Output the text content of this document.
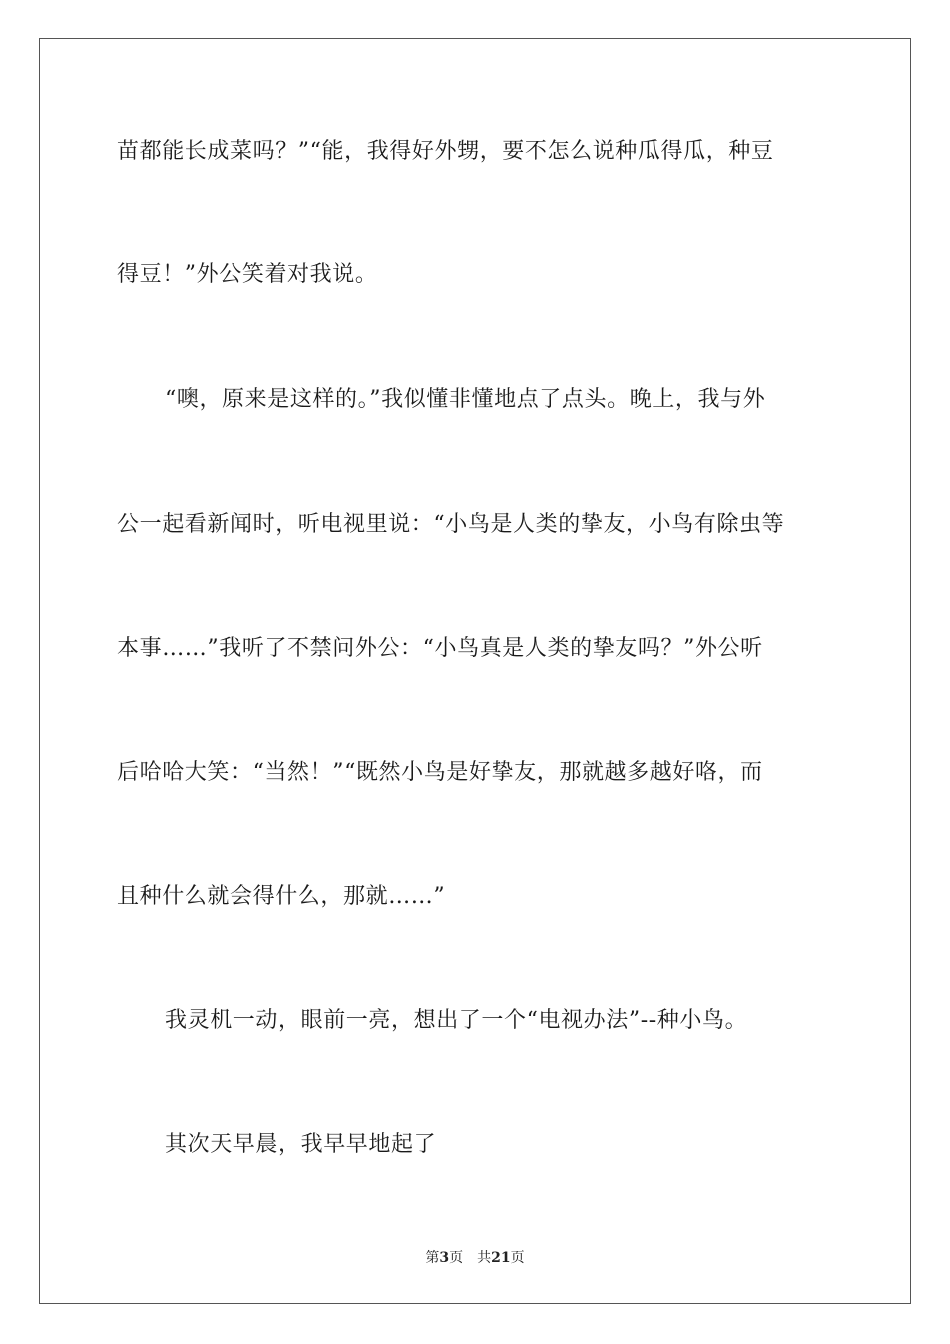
苗都能长成菜吗？”“能，我得好外甥，要不怎么说种瓜得瓜，种豆
得豆！”外公笑着对我说。
“噢，原来是这样的。”我似懂非懂地点了点头。晚上，我与外
公一起看新闻时，听电视里说：“小鸟是人类的挚友，小鸟有除虫等
本事……”我听了不禁问外公：“小鸟真是人类的挚友吗？”外公听
后哈哈大笑：“当然！”“既然小鸟是好挚友，那就越多越好咯，而
且种什么就会得什么，那就……”
我灵机一动，眼前一亮，想出了一个“电视办法”--种小鸟。
其次天早晨，我早早地起了
第3页　共21页
